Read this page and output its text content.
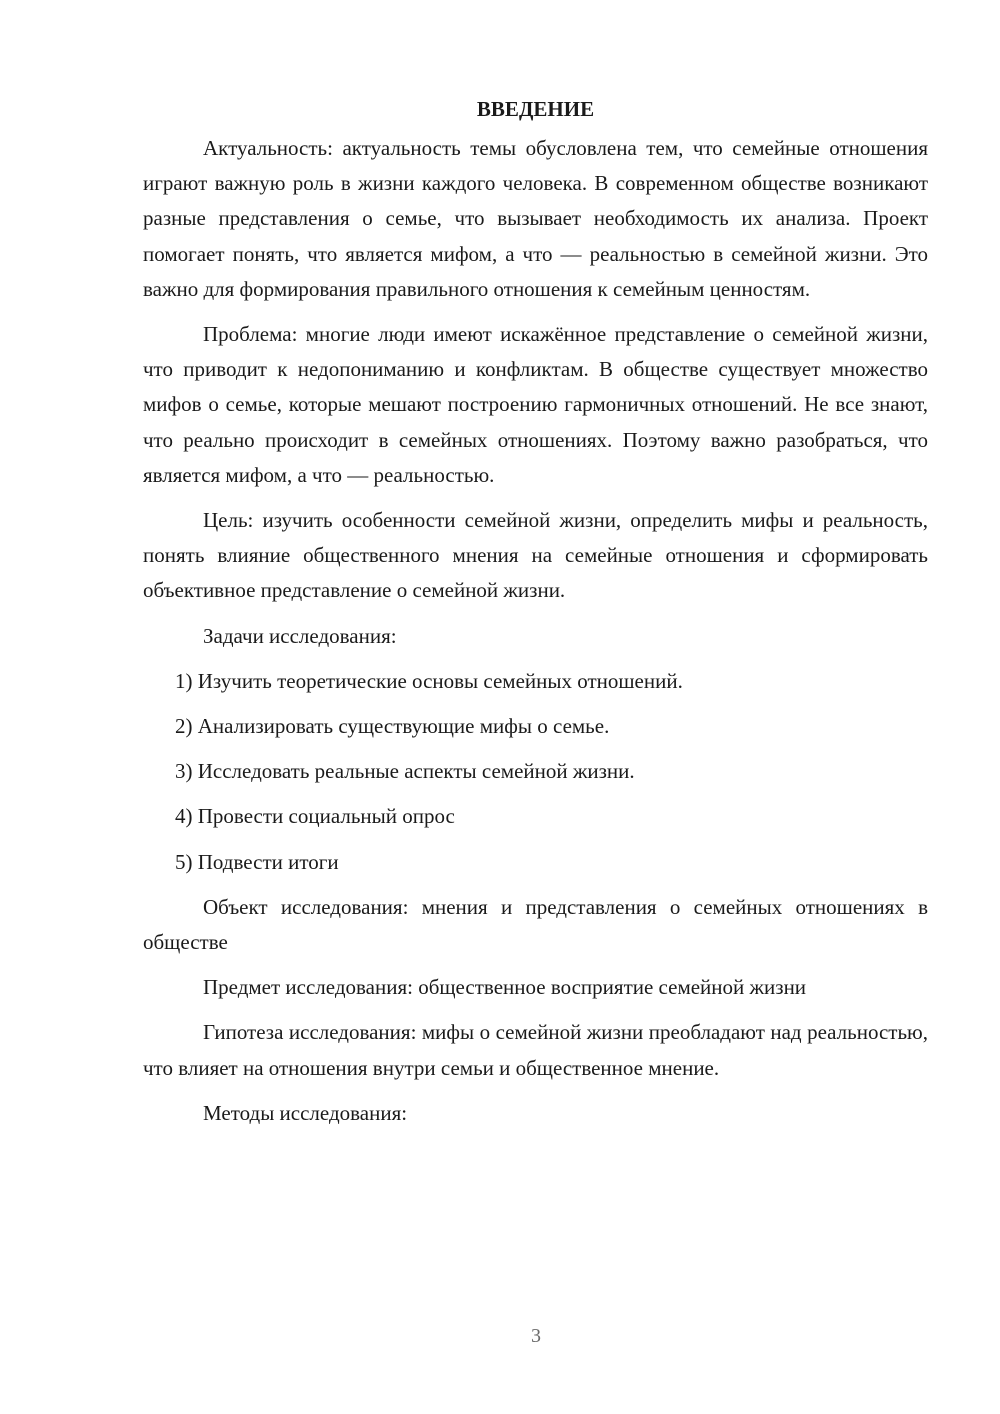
ВВЕДЕНИЕ

Актуальность: актуальность темы обусловлена тем, что семейные отношения играют важную роль в жизни каждого человека. В современном обществе возникают разные представления о семье, что вызывает необходимость их анализа. Проект помогает понять, что является мифом, а что — реальностью в семейной жизни. Это важно для формирования правильного отношения к семейным ценностям.

Проблема: многие люди имеют искажённое представление о семейной жизни, что приводит к недопониманию и конфликтам. В обществе существует множество мифов о семье, которые мешают построению гармоничных отношений. Не все знают, что реально происходит в семейных отношениях. Поэтому важно разобраться, что является мифом, а что — реальностью.

Цель: изучить особенности семейной жизни, определить мифы и реальность, понять влияние общественного мнения на семейные отношения и сформировать объективное представление о семейной жизни.

Задачи исследования:

1) Изучить теоретические основы семейных отношений.
2) Анализировать существующие мифы о семье.
3) Исследовать реальные аспекты семейной жизни.
4) Провести социальный опрос
5) Подвести итоги

Объект исследования: мнения и представления о семейных отношениях в обществе

Предмет исследования: общественное восприятие семейной жизни

Гипотеза исследования: мифы о семейной жизни преобладают над реальностью, что влияет на отношения внутри семьи и общественное мнение.

Методы исследования:

3
